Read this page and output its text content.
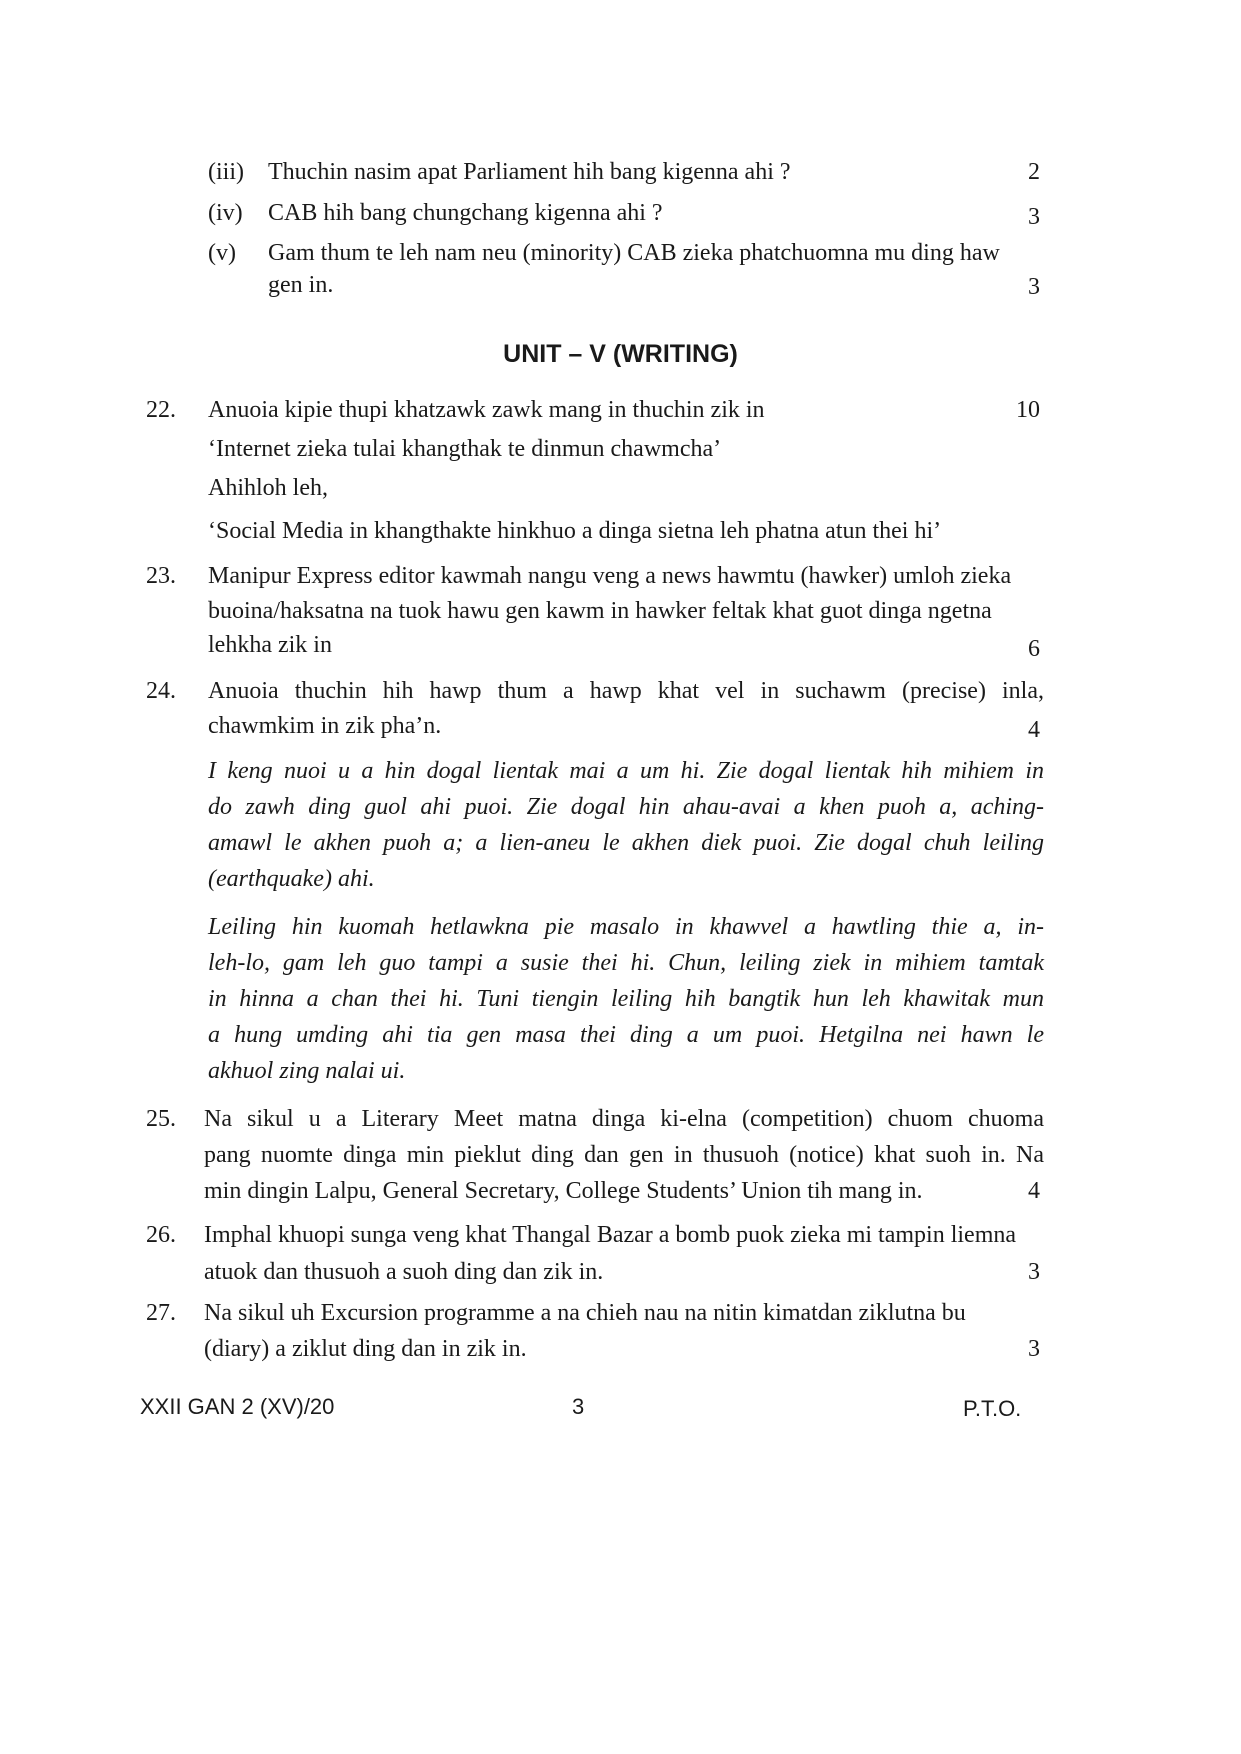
(iii) Thuchin nasim apat Parliament hih bang kigenna ahi ?	2
(iv) CAB hih bang chungchang kigenna ahi ?	3
(v) Gam thum te leh nam neu (minority) CAB zieka phatchuomna mu ding haw
gen in.	3
UNIT – V (WRITING)
22. Anuoia kipie thupi khatzawk zawk mang in thuchin zik in	10
‘Internet zieka tulai khangthak te dinmun chawmcha’
Ahihloh leh,
‘Social Media in khangthakte hinkhuo a dinga sietna leh phatna atun thei hi’
23. Manipur Express editor kawmah nangu veng a news hawmtu (hawker) umloh zieka
buoina/haksatna na tuok hawu gen kawm in hawker feltak khat guot dinga ngetna
lehkha zik in	6
24. Anuoia thuchin hih hawp thum a hawp khat vel in suchawm (precise) inla,
chawmkim in zik pha’n.	4
I keng nuoi u a hin dogal lientak mai a um hi. Zie dogal lientak hih mihiem in
do zawh ding guol ahi puoi. Zie dogal hin ahau-avai a khen puoh a, aching-
amawl le akhen puoh a; a lien-aneu le akhen diek puoi. Zie dogal chuh leiling
(earthquake) ahi.
Leiling hin kuomah hetlawkna pie masalo in khawvel a hawtling thie a, in-
leh-lo, gam leh guo tampi a susie thei hi. Chun, leiling ziek in mihiem tamtak
in hinna a chan thei hi. Tuni tiengin leiling hih bangtik hun leh khawitak mun
a hung umding ahi tia gen masa thei ding a um puoi. Hetgilna nei hawn le
akhuol zing nalai ui.
25. Na sikul u a Literary Meet matna dinga ki-elna (competition) chuom chuoma
pang nuomte dinga min pieklut ding dan gen in thusuoh (notice) khat suoh in. Na
min dingin Lalpu, General Secretary, College Students’ Union tih mang in.	4
26. Imphal khuopi sunga veng khat Thangal Bazar a bomb puok zieka mi tampin liemna
atuok dan thusuoh a suoh ding dan zik in.	3
27. Na sikul uh Excursion programme a na chieh nau na nitin kimatdan ziklutna bu
(diary) a ziklut ding dan in zik in.	3
XXII GAN 2 (XV)/20	3	P.T.O.
